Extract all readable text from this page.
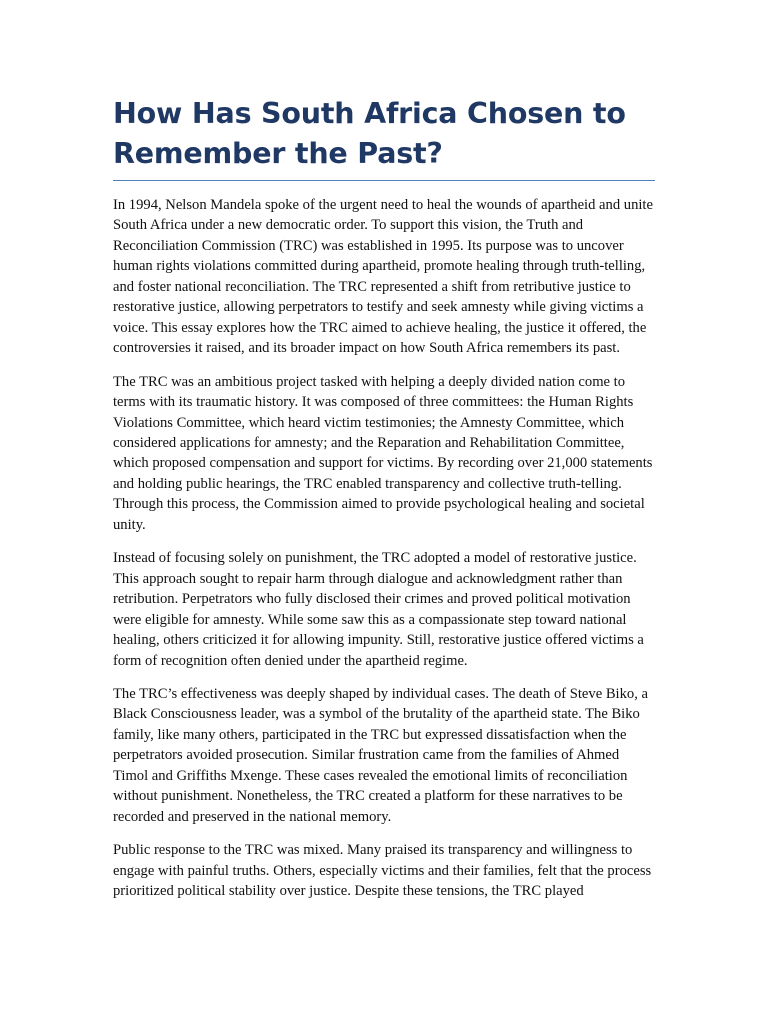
How Has South Africa Chosen to Remember the Past?

In 1994, Nelson Mandela spoke of the urgent need to heal the wounds of apartheid and unite South Africa under a new democratic order. To support this vision, the Truth and Reconciliation Commission (TRC) was established in 1995. Its purpose was to uncover human rights violations committed during apartheid, promote healing through truth-telling, and foster national reconciliation. The TRC represented a shift from retributive justice to restorative justice, allowing perpetrators to testify and seek amnesty while giving victims a voice. This essay explores how the TRC aimed to achieve healing, the justice it offered, the controversies it raised, and its broader impact on how South Africa remembers its past.

The TRC was an ambitious project tasked with helping a deeply divided nation come to terms with its traumatic history. It was composed of three committees: the Human Rights Violations Committee, which heard victim testimonies; the Amnesty Committee, which considered applications for amnesty; and the Reparation and Rehabilitation Committee, which proposed compensation and support for victims. By recording over 21,000 statements and holding public hearings, the TRC enabled transparency and collective truth-telling. Through this process, the Commission aimed to provide psychological healing and societal unity.

Instead of focusing solely on punishment, the TRC adopted a model of restorative justice. This approach sought to repair harm through dialogue and acknowledgment rather than retribution. Perpetrators who fully disclosed their crimes and proved political motivation were eligible for amnesty. While some saw this as a compassionate step toward national healing, others criticized it for allowing impunity. Still, restorative justice offered victims a form of recognition often denied under the apartheid regime.

The TRC’s effectiveness was deeply shaped by individual cases. The death of Steve Biko, a Black Consciousness leader, was a symbol of the brutality of the apartheid state. The Biko family, like many others, participated in the TRC but expressed dissatisfaction when the perpetrators avoided prosecution. Similar frustration came from the families of Ahmed Timol and Griffiths Mxenge. These cases revealed the emotional limits of reconciliation without punishment. Nonetheless, the TRC created a platform for these narratives to be recorded and preserved in the national memory.

Public response to the TRC was mixed. Many praised its transparency and willingness to engage with painful truths. Others, especially victims and their families, felt that the process prioritized political stability over justice. Despite these tensions, the TRC played
